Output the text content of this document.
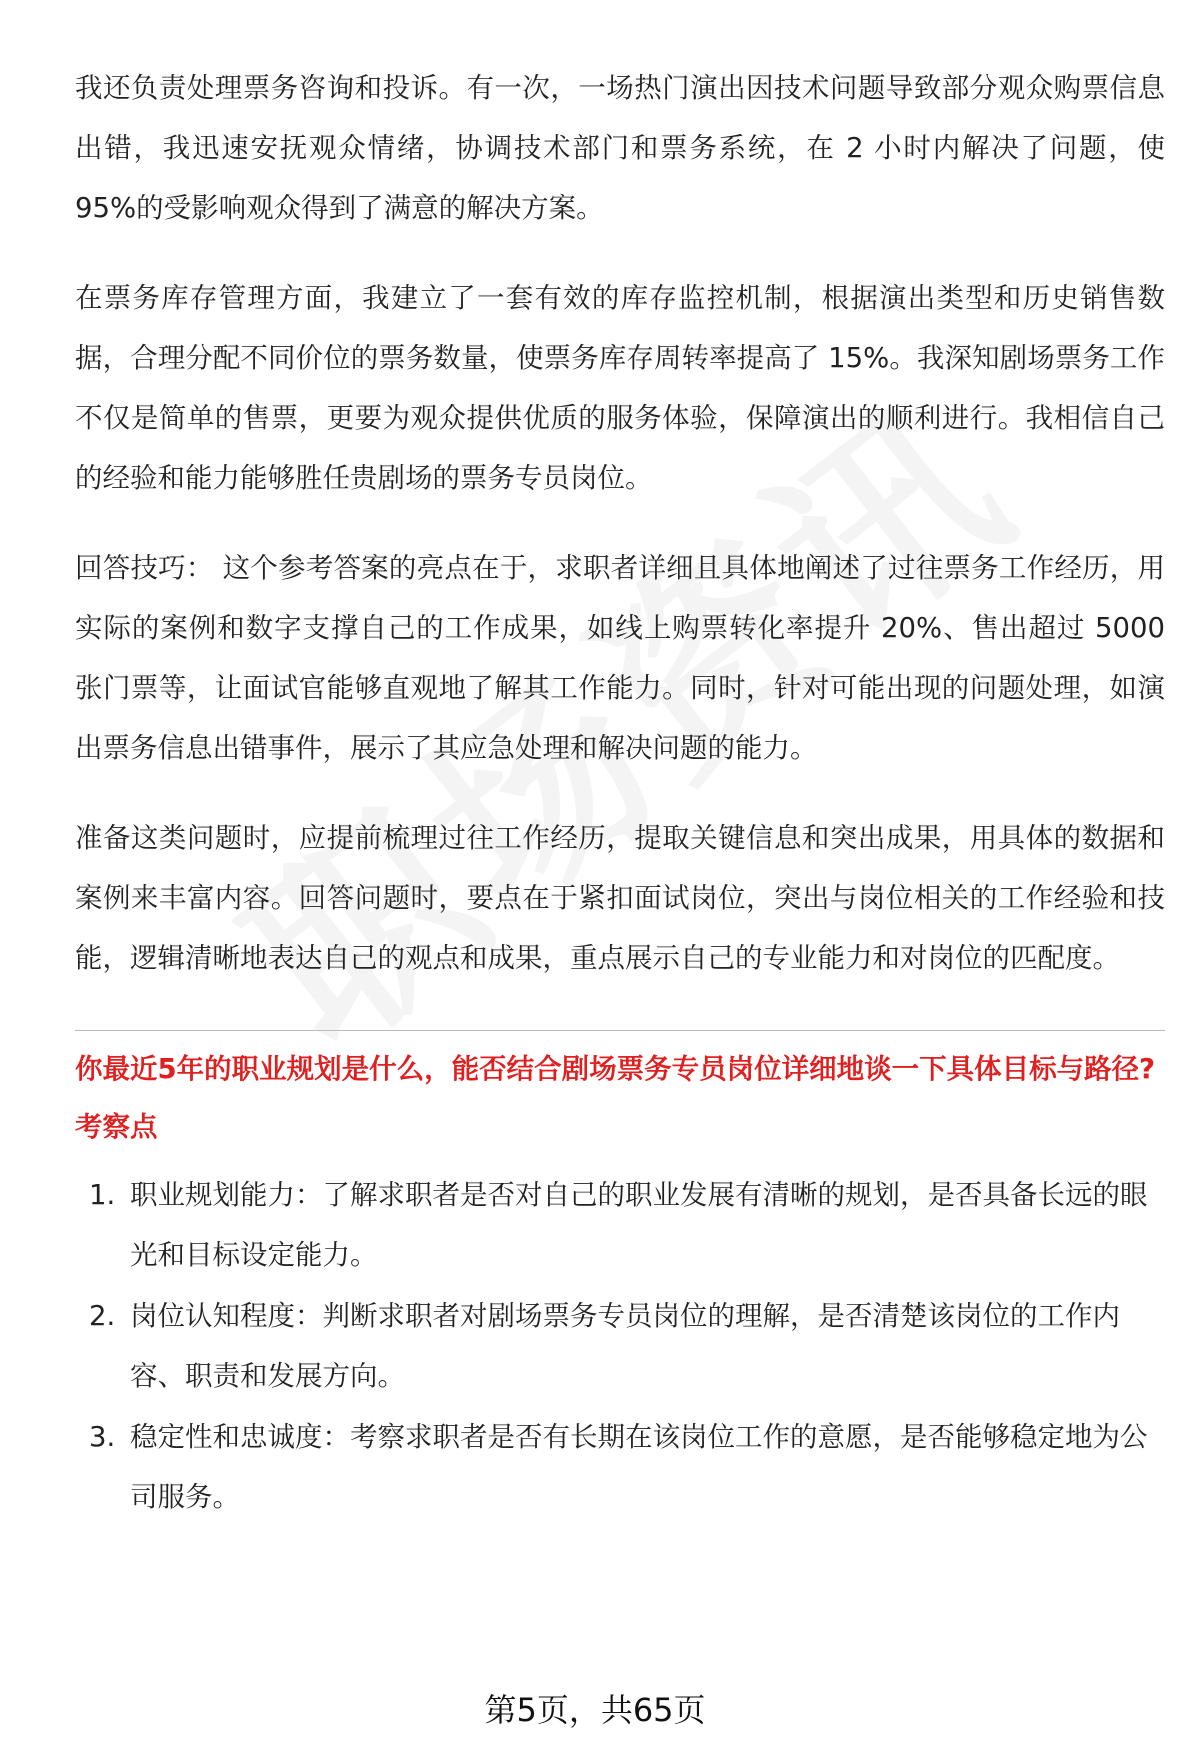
我还负责处理票务咨询和投诉。有一次，一场热门演出因技术问题导致部分观众购票信息出错，我迅速安抚观众情绪，协调技术部门和票务系统，在 2 小时内解决了问题，使 95%的受影响观众得到了满意的解决方案。

在票务库存管理方面，我建立了一套有效的库存监控机制，根据演出类型和历史销售数据，合理分配不同价位的票务数量，使票务库存周转率提高了 15%。我深知剧场票务工作不仅是简单的售票，更要为观众提供优质的服务体验，保障演出的顺利进行。我相信自己的经验和能力能够胜任贵剧场的票务专员岗位。

回答技巧： 这个参考答案的亮点在于，求职者详细且具体地阐述了过往票务工作经历，用实际的案例和数字支撑自己的工作成果，如线上购票转化率提升 20%、售出超过 5000 张门票等，让面试官能够直观地了解其工作能力。同时，针对可能出现的问题处理，如演出票务信息出错事件，展示了其应急处理和解决问题的能力。

准备这类问题时，应提前梳理过往工作经历，提取关键信息和突出成果，用具体的数据和案例来丰富内容。回答问题时，要点在于紧扣面试岗位，突出与岗位相关的工作经验和技能，逻辑清晰地表达自己的观点和成果，重点展示自己的专业能力和对岗位的匹配度。

你最近5年的职业规划是什么，能否结合剧场票务专员岗位详细地谈一下具体目标与路径?
考察点
1. 职业规划能力：了解求职者是否对自己的职业发展有清晰的规划，是否具备长远的眼光和目标设定能力。
2. 岗位认知程度：判断求职者对剧场票务专员岗位的理解，是否清楚该岗位的工作内容、职责和发展方向。
3. 稳定性和忠诚度：考察求职者是否有长期在该岗位工作的意愿，是否能够稳定地为公司服务。
第5页，共65页
